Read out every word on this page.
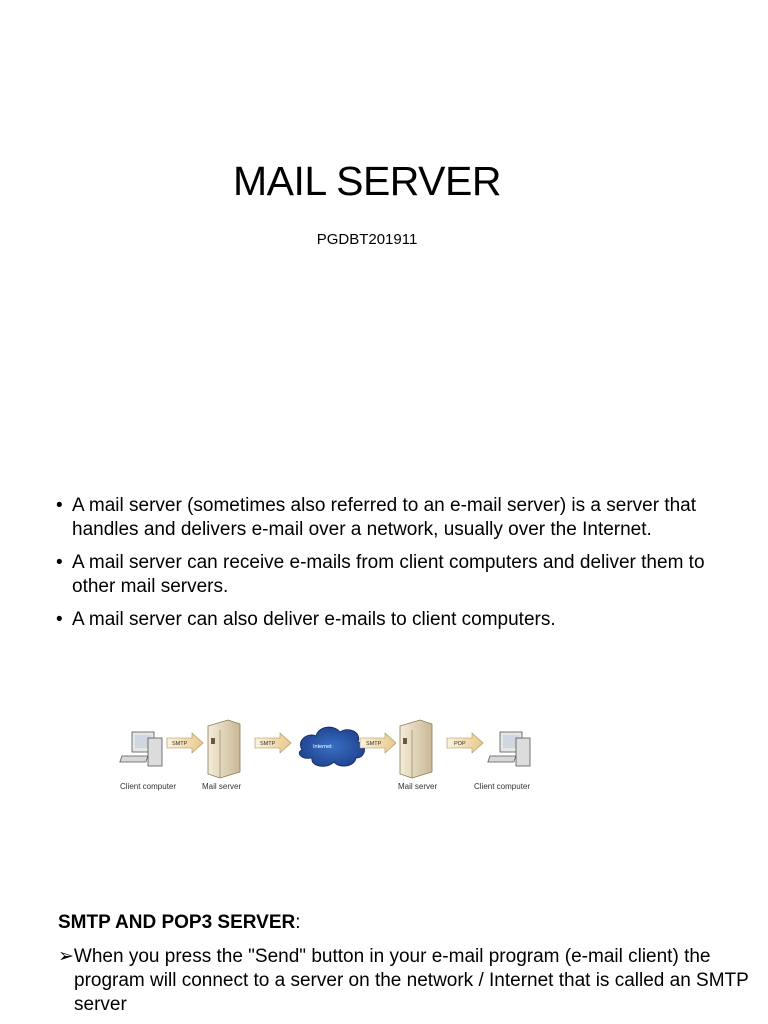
MAIL SERVER
PGDBT201911
• A mail server (sometimes also referred to an e-mail server) is a server that handles and delivers e-mail over a network, usually over the Internet.
• A mail server can receive e-mails from client computers and deliver them to other mail servers.
• A mail server can also deliver e-mails to client computers.
SMTP	SMTP	Internet	SMTP	POP
Client computer	Mail server	Mail server	Client computer
SMTP AND POP3 SERVER:
➢When you press the "Send" button in your e-mail program (e-mail client) the program will connect to a server on the network / Internet that is called an SMTP server
